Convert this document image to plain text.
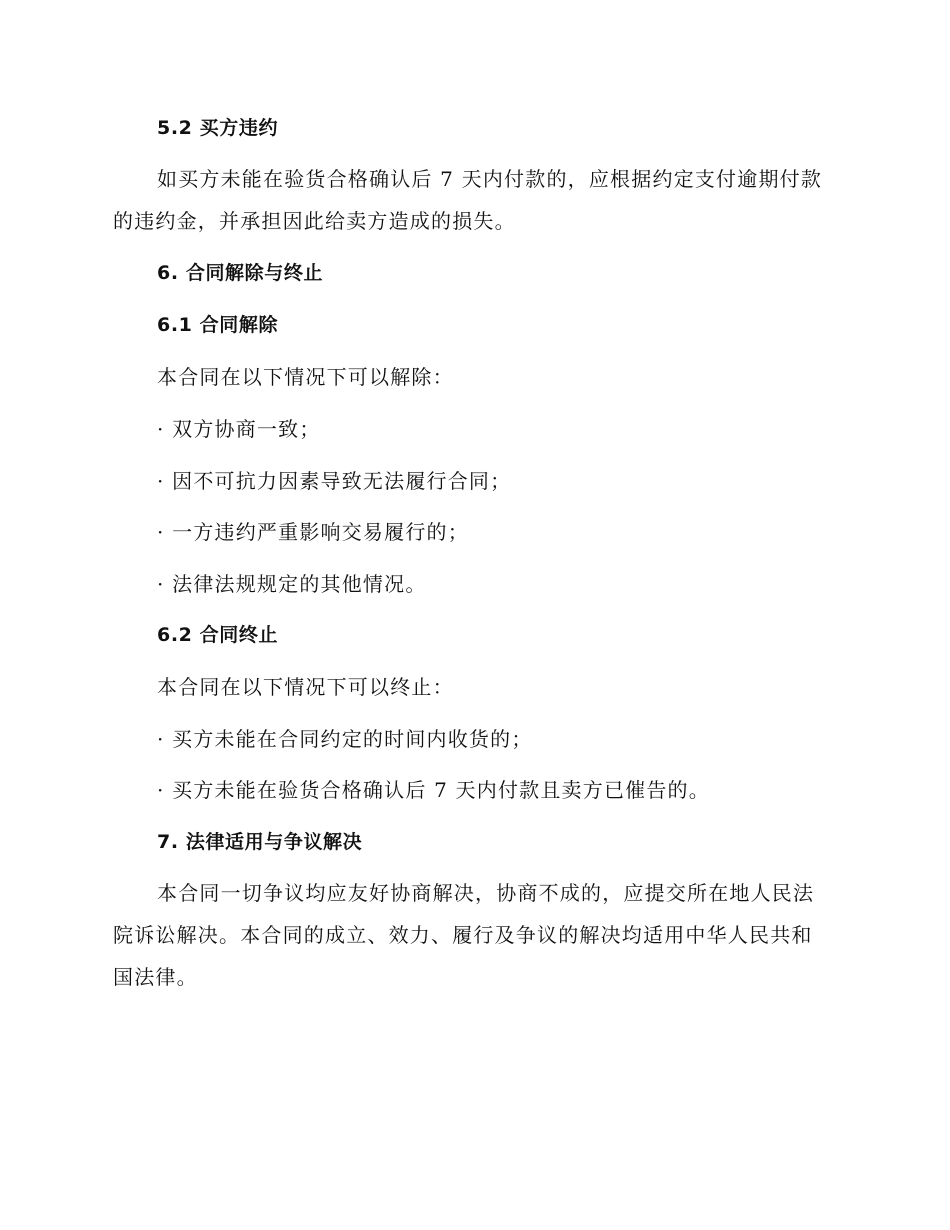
5.2 买方违约
如买方未能在验货合格确认后 7 天内付款的，应根据约定支付逾期付款
的违约金，并承担因此给卖方造成的损失。
6. 合同解除与终止
6.1 合同解除
本合同在以下情况下可以解除：
· 双方协商一致；
· 因不可抗力因素导致无法履行合同；
· 一方违约严重影响交易履行的；
· 法律法规规定的其他情况。
6.2 合同终止
本合同在以下情况下可以终止：
· 买方未能在合同约定的时间内收货的；
· 买方未能在验货合格确认后 7 天内付款且卖方已催告的。
7. 法律适用与争议解决
本合同一切争议均应友好协商解决，协商不成的，应提交所在地人民法
院诉讼解决。本合同的成立、效力、履行及争议的解决均适用中华人民共和
国法律。
